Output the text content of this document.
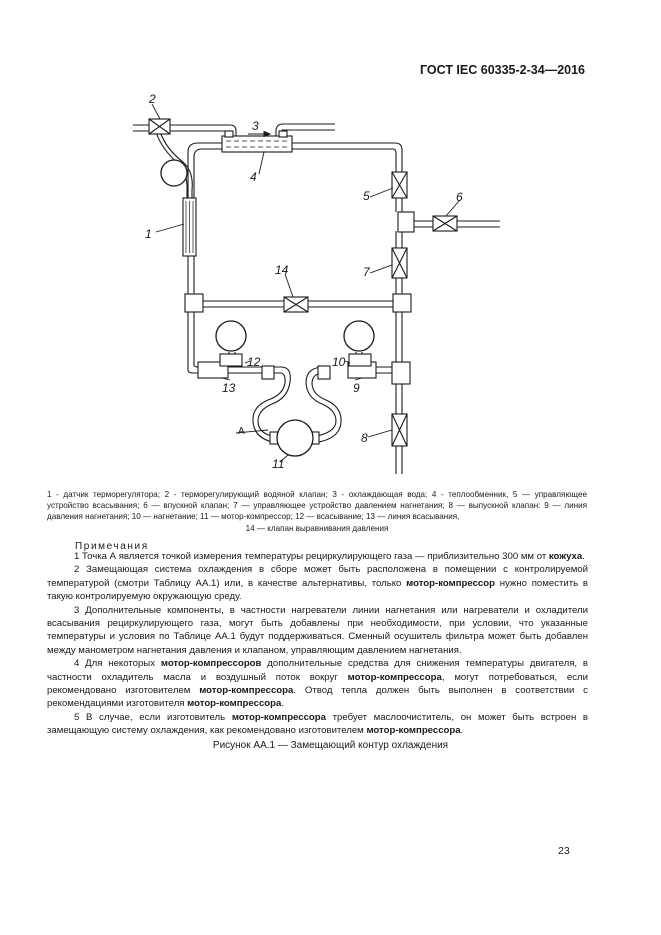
ГОСТ IEC 60335-2-34—2016
2
3
4
1
5	6
7
14
12	10
13	9
8
11
А
1 - датчик терморегулятора; 2 - терморегулирующий водяной клапан; 3 - охлаждающая вода; 4 - теплообменник, 5 — управляющее устройство всасывания; 6 — впускной клапан; 7 — управляющее устройство давлением нагнетания; 8 — выпускной клапан: 9 — линия давления нагнетания; 10 — нагнетание; 11 — мотор-компрессор; 12 — всасывание; 13 — линия всасывания,
14 — клапан выравнивания давления
Примечания

1 Точка А является точкой измерения температуры рециркулирующего газа — приблизительно 300 мм от кожуха.

2 Замещающая система охлаждения в сборе может быть расположена в помещении с контролируемой температурой (смотри Таблицу АА.1) или, в качестве альтернативы, только мотор-компрессор нужно поместить в такую контролируемую окружающую среду.

3 Дополнительные компоненты, в частности нагреватели линии нагнетания или нагреватели и охладители всасывания рециркулирующего газа, могут быть добавлены при необходимости, при условии, что указанные температуры и условия по Таблице АА.1 будут поддерживаться. Сменный осушитель фильтра может быть добавлен между манометром нагнетания давления и клапаном, управляющим давлением нагнетания.

4 Для некоторых мотор-компрессоров дополнительные средства для снижения температуры двигателя, в частности охладитель масла и воздушный поток вокруг мотор-компрессора, могут потребоваться, если рекомендовано изготовителем мотор-компрессора. Отвод тепла должен быть выполнен в соответствии с рекомендациями изготовителя мотор-компрессора.

5 В случае, если изготовитель мотор-компрессора требует маслоочиститель, он может быть встроен в замещающую систему охлаждения, как рекомендовано изготовителем мотор-компрессора.

Рисунок АА.1 — Замещающий контур охлаждения
23
